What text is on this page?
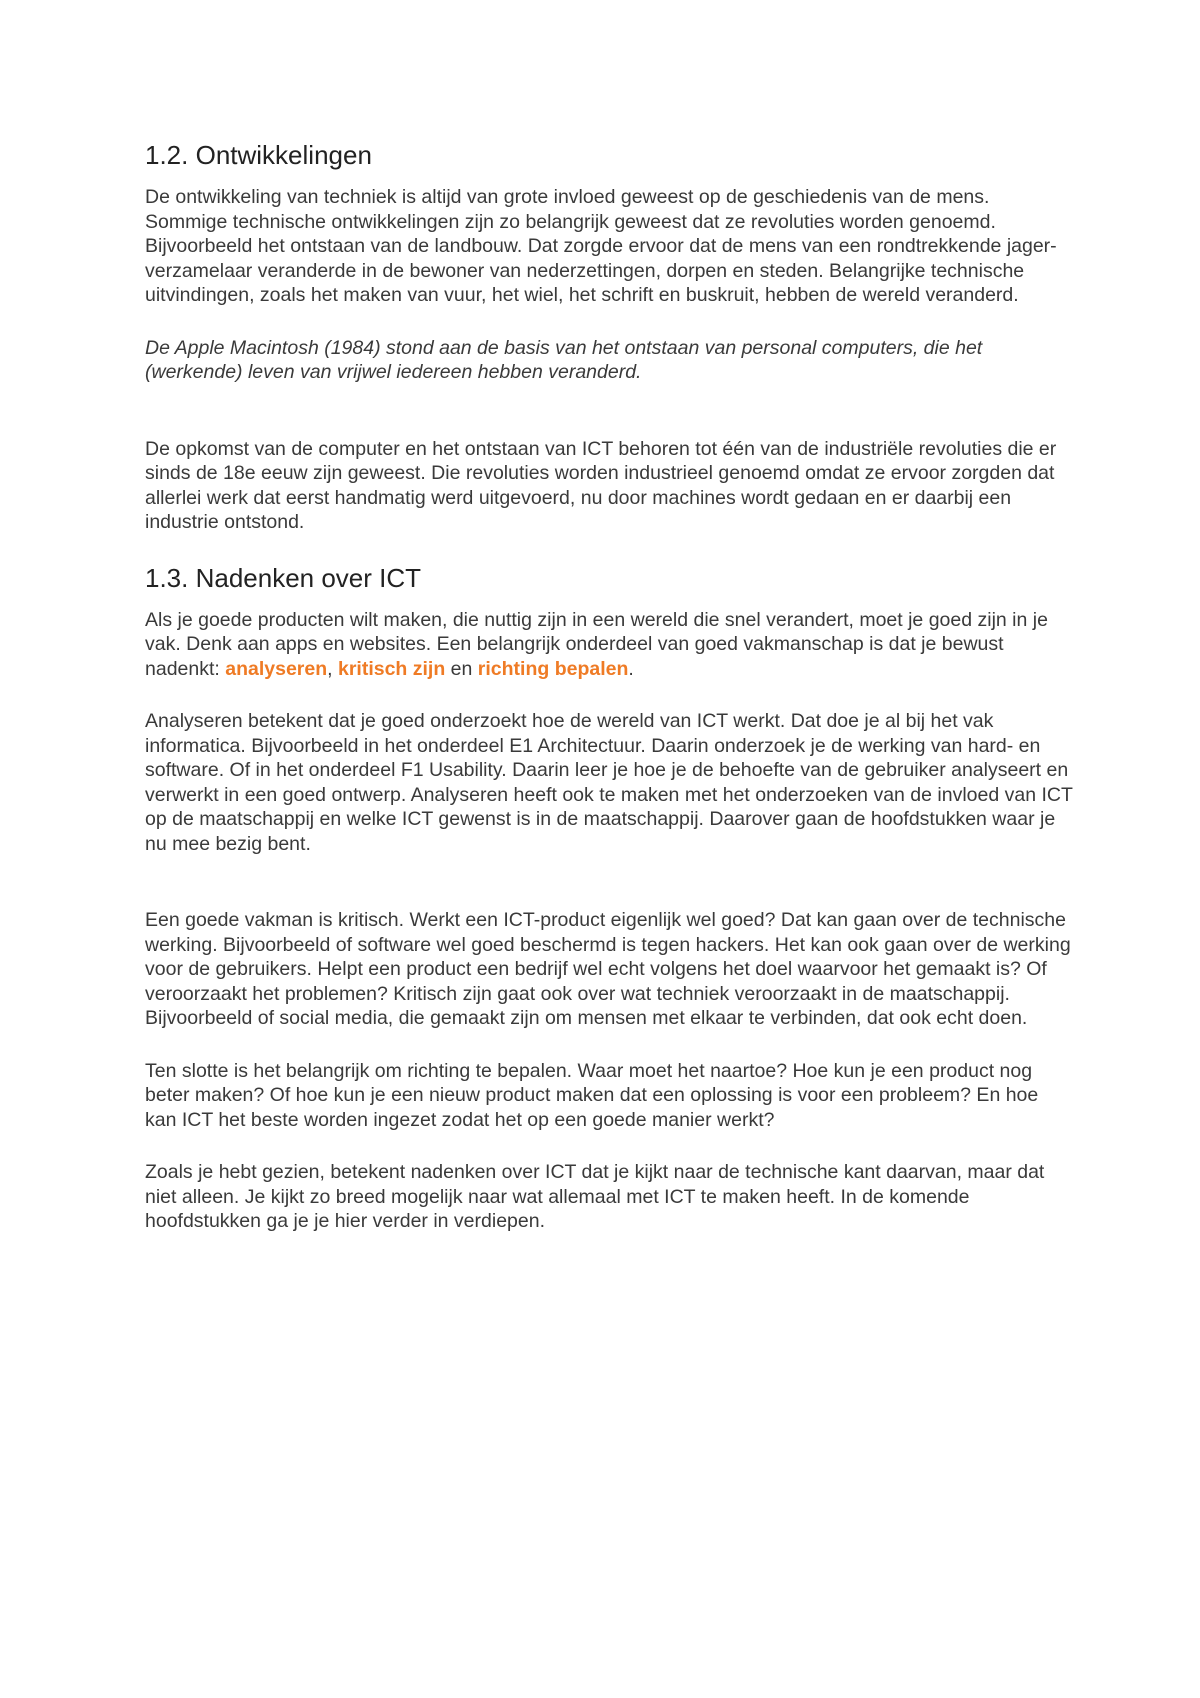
1.2. Ontwikkelingen

De ontwikkeling van techniek is altijd van grote invloed geweest op de geschiedenis van de mens. Sommige technische ontwikkelingen zijn zo belangrijk geweest dat ze revoluties worden genoemd. Bijvoorbeeld het ontstaan van de landbouw. Dat zorgde ervoor dat de mens van een rondtrekkende jager-verzamelaar veranderde in de bewoner van nederzettingen, dorpen en steden. Belangrijke technische uitvindingen, zoals het maken van vuur, het wiel, het schrift en buskruit, hebben de wereld veranderd.

De Apple Macintosh (1984) stond aan de basis van het ontstaan van personal computers, die het (werkende) leven van vrijwel iedereen hebben veranderd.

De opkomst van de computer en het ontstaan van ICT behoren tot één van de industriële revoluties die er sinds de 18e eeuw zijn geweest. Die revoluties worden industrieel genoemd omdat ze ervoor zorgden dat allerlei werk dat eerst handmatig werd uitgevoerd, nu door machines wordt gedaan en er daarbij een industrie ontstond.

1.3. Nadenken over ICT

Als je goede producten wilt maken, die nuttig zijn in een wereld die snel verandert, moet je goed zijn in je vak. Denk aan apps en websites. Een belangrijk onderdeel van goed vakmanschap is dat je bewust nadenkt: analyseren, kritisch zijn en richting bepalen.

Analyseren betekent dat je goed onderzoekt hoe de wereld van ICT werkt. Dat doe je al bij het vak informatica. Bijvoorbeeld in het onderdeel E1 Architectuur. Daarin onderzoek je de werking van hard- en software. Of in het onderdeel F1 Usability. Daarin leer je hoe je de behoefte van de gebruiker analyseert en verwerkt in een goed ontwerp. Analyseren heeft ook te maken met het onderzoeken van de invloed van ICT op de maatschappij en welke ICT gewenst is in de maatschappij. Daarover gaan de hoofdstukken waar je nu mee bezig bent.

Een goede vakman is kritisch. Werkt een ICT-product eigenlijk wel goed? Dat kan gaan over de technische werking. Bijvoorbeeld of software wel goed beschermd is tegen hackers. Het kan ook gaan over de werking voor de gebruikers. Helpt een product een bedrijf wel echt volgens het doel waarvoor het gemaakt is? Of veroorzaakt het problemen? Kritisch zijn gaat ook over wat techniek veroorzaakt in de maatschappij. Bijvoorbeeld of social media, die gemaakt zijn om mensen met elkaar te verbinden, dat ook echt doen.

Ten slotte is het belangrijk om richting te bepalen. Waar moet het naartoe? Hoe kun je een product nog beter maken? Of hoe kun je een nieuw product maken dat een oplossing is voor een probleem? En hoe kan ICT het beste worden ingezet zodat het op een goede manier werkt?

Zoals je hebt gezien, betekent nadenken over ICT dat je kijkt naar de technische kant daarvan, maar dat niet alleen. Je kijkt zo breed mogelijk naar wat allemaal met ICT te maken heeft. In de komende hoofdstukken ga je je hier verder in verdiepen.
